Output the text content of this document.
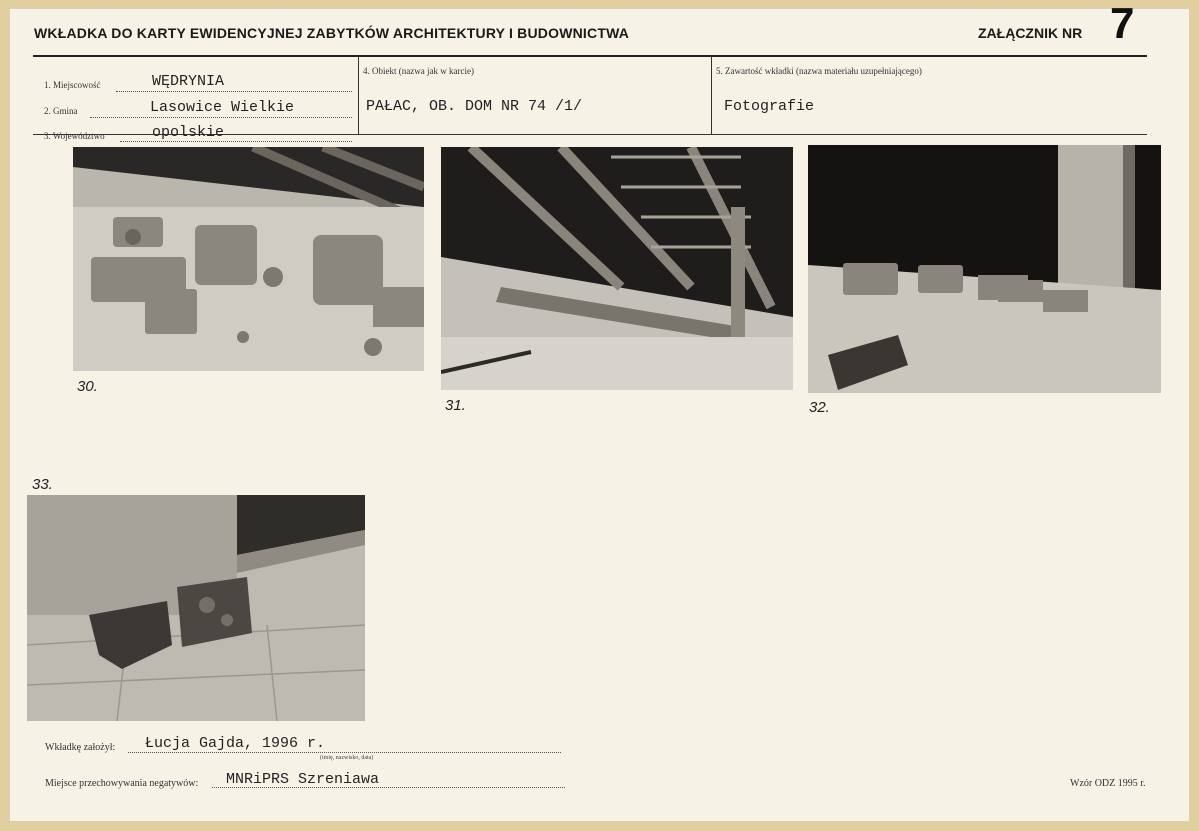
WKŁADKA DO KARTY EWIDENCYJNEJ ZABYTKÓW ARCHITEKTURY I BUDOWNICTWA	ZAŁĄCZNIK NR 7
1. Miejscowość	WĘDRYNIA
2. Gmina	Lasowice Wielkie
3. Województwo	opolskie
4. Obiekt (nazwa jak w karcie)
PAŁAC, OB. DOM NR 74 /1/
5. Zawartość wkładki (nazwa materiału uzupełniającego)
Fotografie
30.
31.	32.
33.
Wkładkę założył: Łucja Gajda, 1996 r.
(imię, nazwisko, data)
Miejsce przechowywania negatywów: MNRiPRS Szreniawa	Wzór ODZ 1995 r.
